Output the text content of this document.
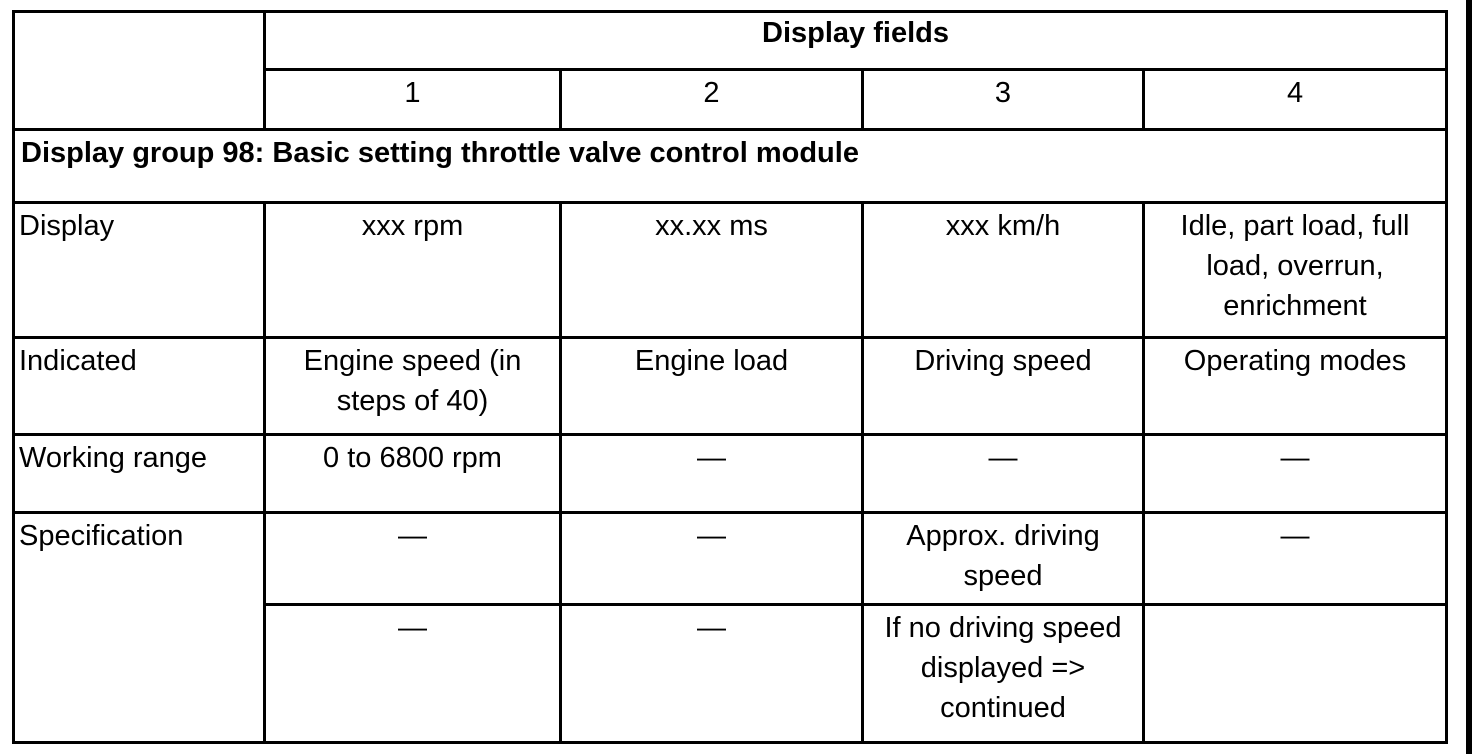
	Display fields			
	1	2	3	4
Display group 98: Basic setting throttle valve control module				
Display	xxx rpm	xx.xx ms	xxx km/h	Idle, part load, full load, overrun, enrichment
Indicated	Engine speed (in steps of 40)	Engine load	Driving speed	Operating modes
Working range	0 to 6800 rpm	—	—	—
Specification	—	—	Approx. driving speed	—
	—	—	If no driving speed displayed => continued	
